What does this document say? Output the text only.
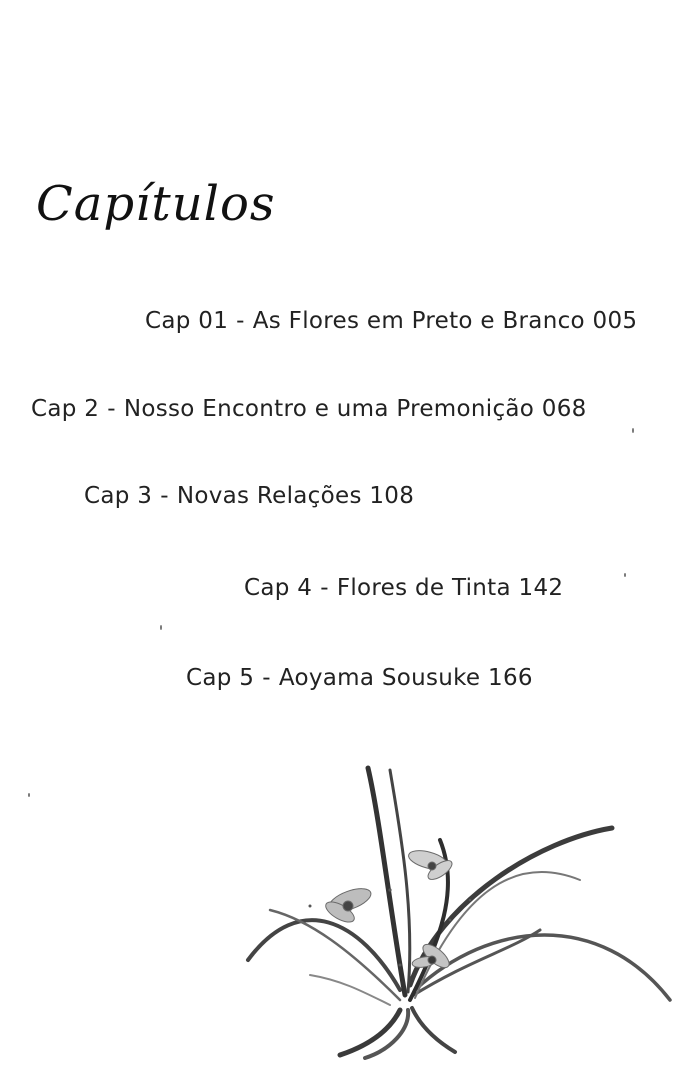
Capítulos
Cap 01 - As Flores em Preto e Branco 005
Cap 2 - Nosso Encontro e uma Premonição 068
Cap 3 - Novas Relações 108
Cap 4 - Flores de Tinta 142
Cap 5 - Aoyama Sousuke 166
